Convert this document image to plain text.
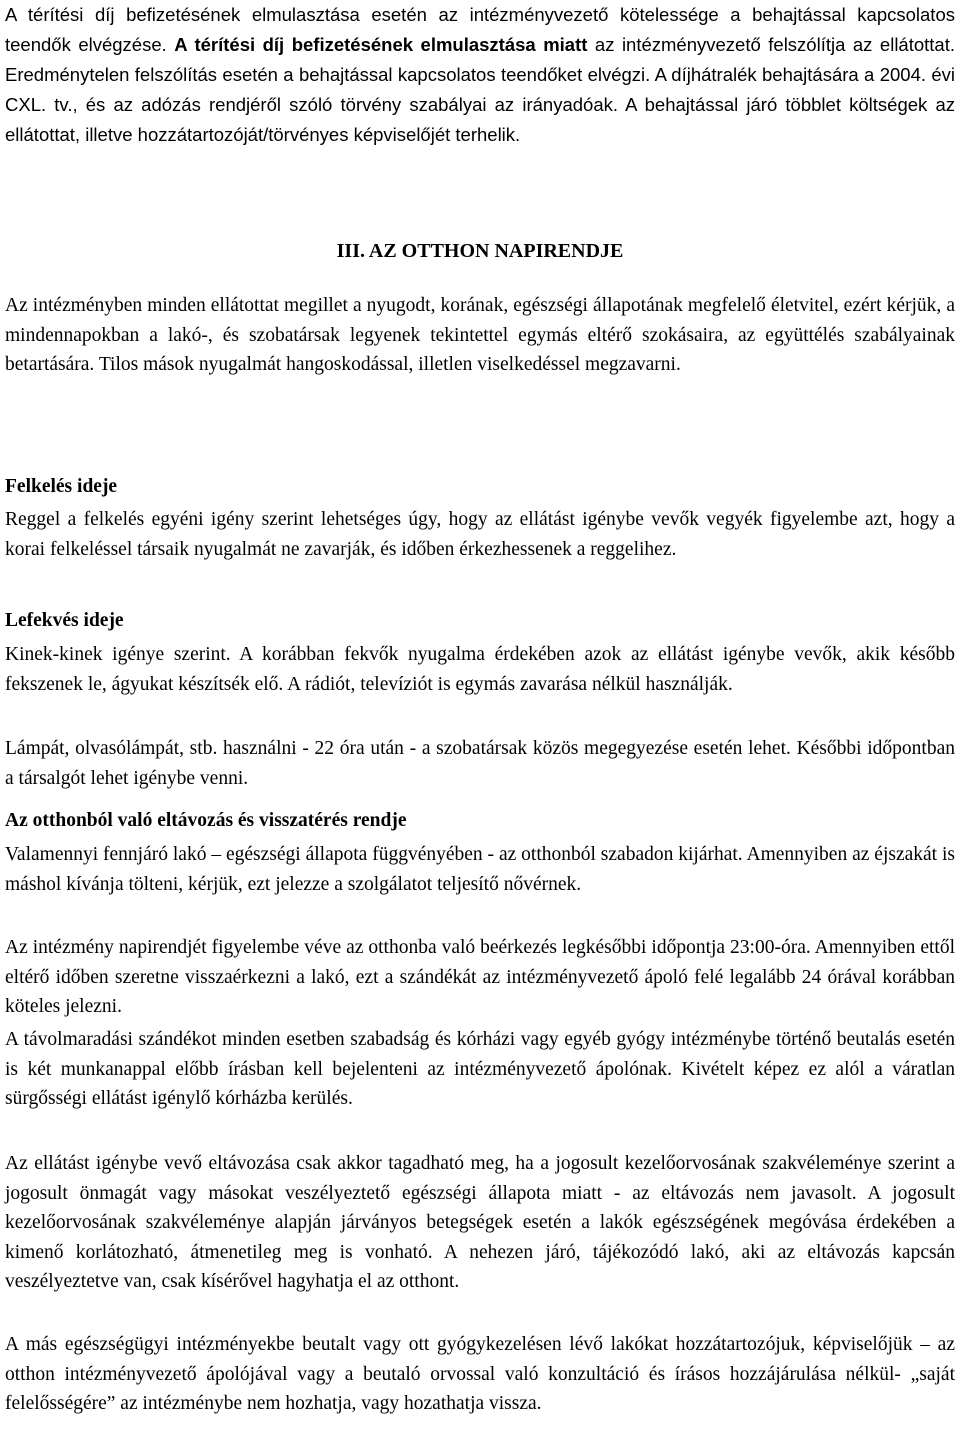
A térítési díj befizetésének elmulasztása esetén az intézményvezető kötelessége a behajtással kapcsolatos teendők elvégzése. A térítési díj befizetésének elmulasztása miatt az intézményvezető felszólítja az ellátottat. Eredménytelen felszólítás esetén a behajtással kapcsolatos teendőket elvégzi. A díjhátralék behajtására a 2004. évi CXL. tv., és az adózás rendjéről szóló törvény szabályai az irányadóak. A behajtással járó többlet költségek az ellátottat, illetve hozzátartozóját/törvényes képviselőjét terhelik.

III. AZ OTTHON NAPIRENDJE

Az intézményben minden ellátottat megillet a nyugodt, korának, egészségi állapotának megfelelő életvitel, ezért kérjük, a mindennapokban a lakó-, és szobatársak legyenek tekintettel egymás eltérő szokásaira, az együttélés szabályainak betartására. Tilos mások nyugalmát hangoskodással, illetlen viselkedéssel megzavarni.

Felkelés ideje

Reggel a felkelés egyéni igény szerint lehetséges úgy, hogy az ellátást igénybe vevők vegyék figyelembe azt, hogy a korai felkeléssel társaik nyugalmát ne zavarják, és időben érkezhessenek a reggelihez.

Lefekvés ideje

Kinek-kinek igénye szerint. A korábban fekvők nyugalma érdekében azok az ellátást igénybe vevők, akik később fekszenek le, ágyukat készítsék elő. A rádiót, televíziót is egymás zavarása nélkül használják.

Lámpát, olvasólámpát, stb. használni - 22 óra után - a szobatársak közös megegyezése esetén lehet. Későbbi időpontban a társalgót lehet igénybe venni.

Az otthonból való eltávozás és visszatérés rendje

Valamennyi fennjáró lakó – egészségi állapota függvényében - az otthonból szabadon kijárhat. Amennyiben az éjszakát is máshol kívánja tölteni, kérjük, ezt jelezze a szolgálatot teljesítő nővérnek.

Az intézmény napirendjét figyelembe véve az otthonba való beérkezés legkésőbbi időpontja 23:00-óra. Amennyiben ettől eltérő időben szeretne visszaérkezni a lakó, ezt a szándékát az intézményvezető ápoló felé legalább 24 órával korábban köteles jelezni.

A távolmaradási szándékot minden esetben szabadság és kórházi vagy egyéb gyógy intézménybe történő beutalás esetén is két munkanappal előbb írásban kell bejelenteni az intézményvezető ápolónak. Kivételt képez ez alól a váratlan sürgősségi ellátást igénylő kórházba kerülés.

Az ellátást igénybe vevő eltávozása csak akkor tagadható meg, ha a jogosult kezelőorvosának szakvéleménye szerint a jogosult önmagát vagy másokat veszélyeztető egészségi állapota miatt - az eltávozás nem javasolt. A jogosult kezelőorvosának szakvéleménye alapján járványos betegségek esetén a lakók egészségének megóvása érdekében a kimenő korlátozható, átmenetileg meg is vonható. A nehezen járó, tájékozódó lakó, aki az eltávozás kapcsán veszélyeztetve van, csak kísérővel hagyhatja el az otthont.

A más egészségügyi intézményekbe beutalt vagy ott gyógykezelésen lévő lakókat hozzátartozójuk, képviselőjük – az otthon intézményvezető ápolójával vagy a beutaló orvossal való konzultáció és írásos hozzájárulása nélkül- „saját felelősségére” az intézménybe nem hozhatja, vagy hozathatja vissza.
